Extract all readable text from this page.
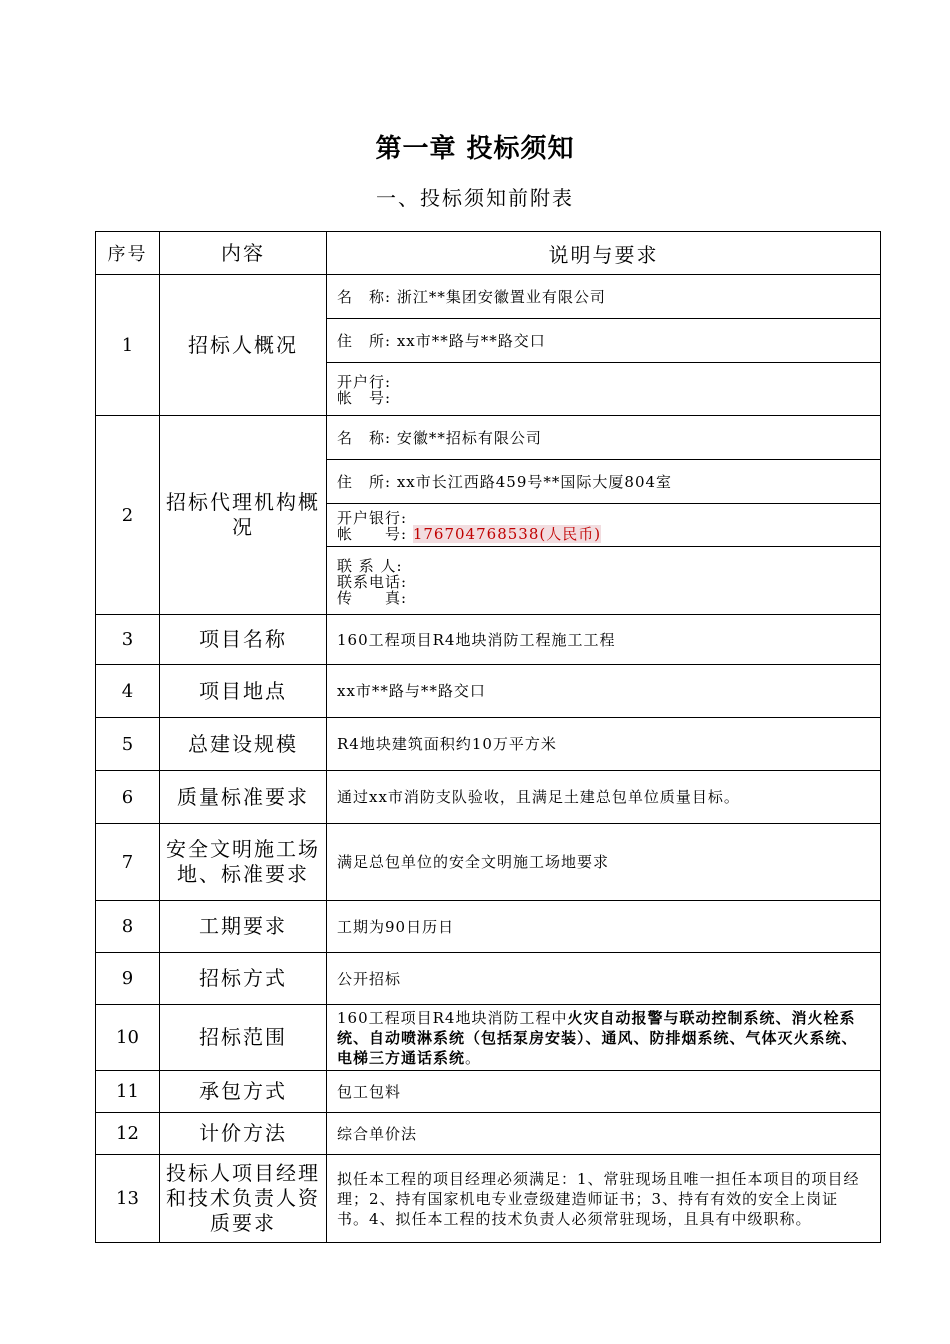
第一章 投标须知
一、投标须知前附表
序号	内容	说明与要求
1	招标人概况	名　称: 浙江**集团安徽置业有限公司
		住　所: xx市**路与**路交口

		开户行:
帐　号:

2	招标代理机构概况	名　称: 安徽**招标有限公司
		住　所: xx市长江西路459号**国际大厦804室

		开户银行:
帐　　号: 176704768538(人民币)

		联 系 人:
联系电话:
传　　真:

3	项目名称	160工程项目R4地块消防工程施工工程
4	项目地点	xx市**路与**路交口
5	总建设规模	R4地块建筑面积约10万平方米
6	质量标准要求	通过xx市消防支队验收，且满足土建总包单位质量目标。
7	安全文明施工场地、标准要求	满足总包单位的安全文明施工场地要求
8	工期要求	工期为90日历日
9	招标方式	公开招标
10	招标范围	160工程项目R4地块消防工程中火灾自动报警与联动控制系统、消火栓系统、自动喷淋系统（包括泵房安装）、通风、防排烟系统、气体灭火系统、电梯三方通话系统。
11	承包方式	包工包料
12	计价方法	综合单价法
13	投标人项目经理和技术负责人资质要求	拟任本工程的项目经理必须满足：1、常驻现场且唯一担任本项目的项目经理；2、持有国家机电专业壹级建造师证书；3、持有有效的安全上岗证书。4、拟任本工程的技术负责人必须常驻现场，且具有中级职称。
